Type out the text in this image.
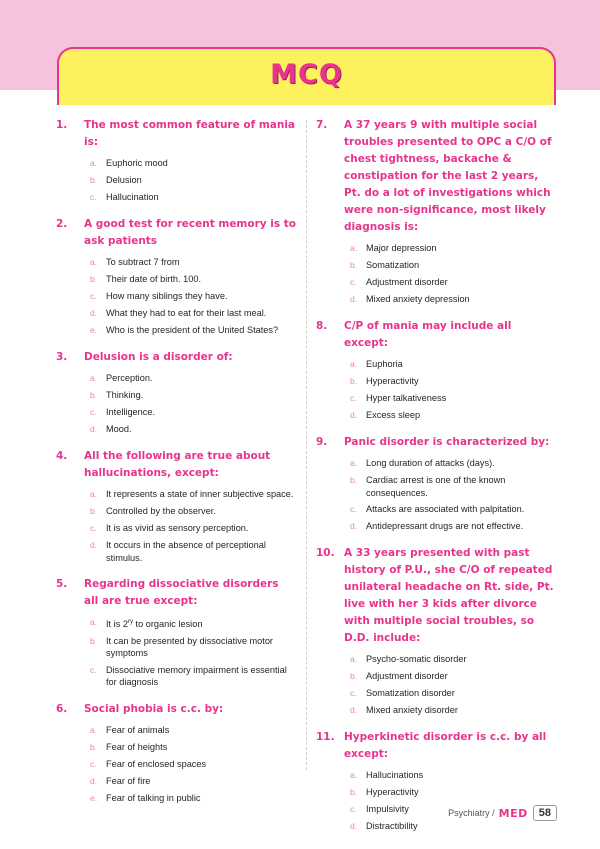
MCQ
1.	The most common feature of mania is:
a. Euphoric mood
b. Delusion
c.	Hallucination
2.	A good test for recent memory is to ask patients
a. To subtract 7 from
b. Their date of birth. 100.
c.	How many siblings they have.
d. What they had to eat for their last meal.
e. Who is the president of the United States?
3.	Delusion is a disorder of:
a. Perception.
b. Thinking.
c.	Intelligence.
d. Mood.
4.	All the following are true about hallucinations, except:
a. It represents a state of inner subjective space.
b. Controlled by the observer.
c.	It is as vivid as sensory perception.
d. It occurs in the absence of perceptional stimulus.
5.	Regarding dissociative disorders all are true except:
a. It is $2^{ry}$ to organic lesion
b. It can be presented by dissociative motor symptoms
c.	Dissociative memory impairment is essential for diagnosis
6.	Social phobia is c.c. by:
a. Fear of animals
b. Fear of heights
c.	Fear of enclosed spaces
d. Fear of fire
e. Fear of talking in public
7.	A 37 years 9 with multiple social troubles presented to OPC a C/O of chest tightness, backache & constipation for the last 2 years, Pt. do a lot of investigations which were non-significance, most likely diagnosis is:
a. Major depression
b. Somatization
c.	Adjustment disorder
d. Mixed anxiety depression
8.	C/P of mania may include all except:
a. Euphoria
b. Hyperactivity
c.	Hyper talkativeness
d. Excess sleep
9.	Panic disorder is characterized by:
a. Long duration of attacks (days).
b. Cardiac arrest is one of the known consequences.
c.	Attacks are associated with palpitation.
d. Antidepressant drugs are not effective.
10. A 33 years presented with past history of P.U., she C/O of repeated unilateral headache on Rt. side, Pt. live with her 3 kids after divorce with multiple social troubles, so D.D. include:
a. Psycho-somatic disorder
b. Adjustment disorder
c.	Somatization disorder
d. Mixed anxiety disorder
11. Hyperkinetic disorder is c.c. by all except:
a. Hallucinations
b. Hyperactivity
c.	Impulsivity
d. Distractibility
Psychiatry / MED	58
